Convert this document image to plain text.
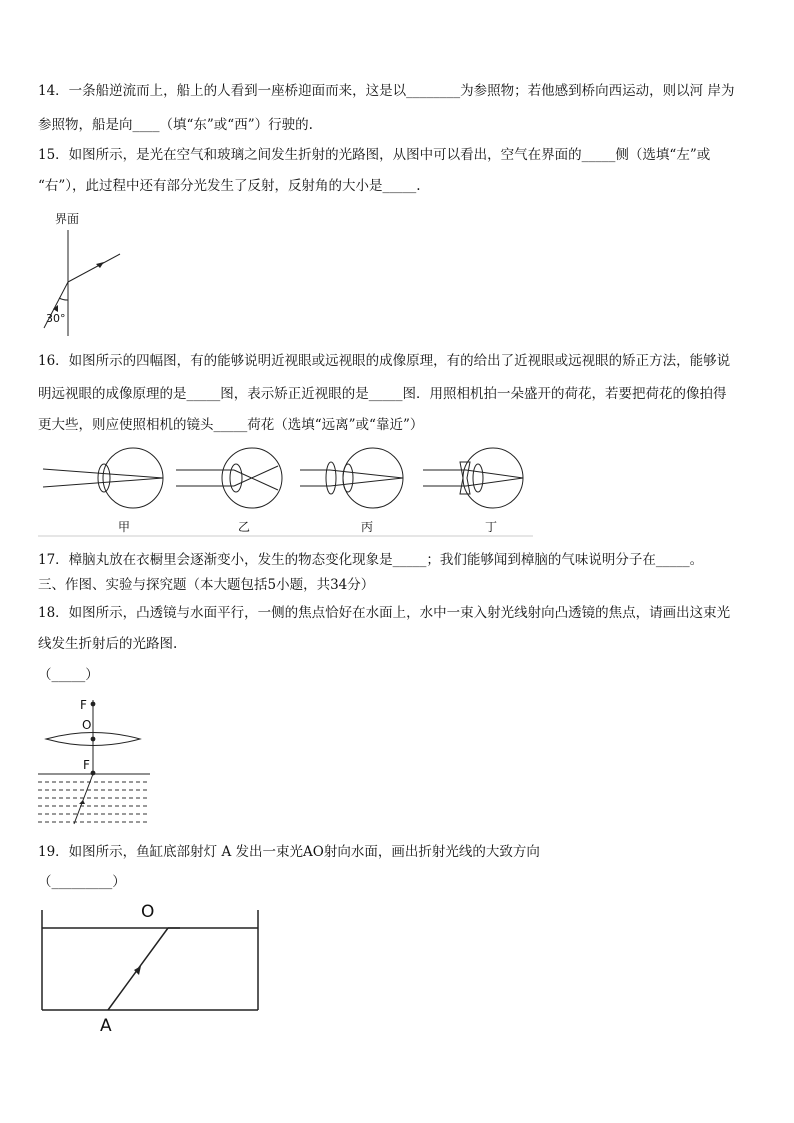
14．一条船逆流而上，船上的人看到一座桥迎面而来，这是以________为参照物；若他感到桥向西运动，则以河 岸为
参照物，船是向____（填“东”或“西”）行驶的.
15．如图所示，是光在空气和玻璃之间发生折射的光路图，从图中可以看出，空气在界面的_____侧（选填“左”或
“右”），此过程中还有部分光发生了反射，反射角的大小是_____.
界面
30°
16．如图所示的四幅图，有的能够说明近视眼或远视眼的成像原理，有的给出了近视眼或远视眼的矫正方法，能够说
明远视眼的成像原理的是_____图，表示矫正近视眼的是_____图．用照相机拍一朵盛开的荷花，若要把荷花的像拍得
更大些，则应使照相机的镜头_____荷花（选填“远离”或“靠近”）
甲	乙	丙	丁
17．樟脑丸放在衣橱里会逐渐变小，发生的物态变化现象是_____；我们能够闻到樟脑的气味说明分子在_____。
三、作图、实验与探究题（本大题包括5小题，共34分）
18．如图所示，凸透镜与水面平行，一侧的焦点恰好在水面上，水中一束入射光线射向凸透镜的焦点，请画出这束光
线发生折射后的光路图.
（_____）
F
O
F
19．如图所示，鱼缸底部射灯 A 发出一束光AO射向水面，画出折射光线的大致方向
（_________）
O
A
